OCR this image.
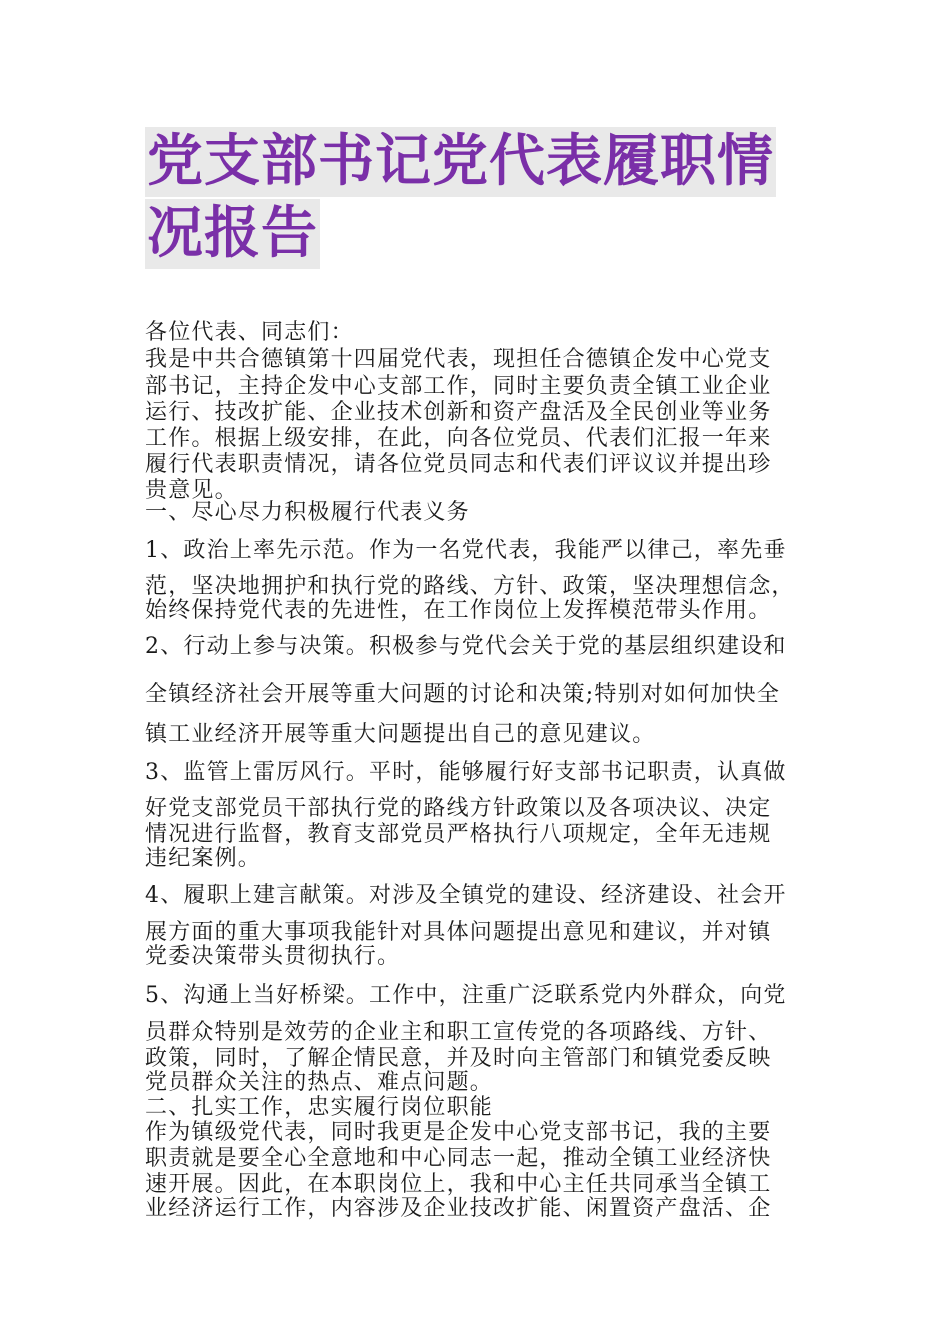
党支部书记党代表履职情
况报告
各位代表、同志们：
我是中共合德镇第十四届党代表，现担任合德镇企发中心党支
部书记，主持企发中心支部工作，同时主要负责全镇工业企业
运行、技改扩能、企业技术创新和资产盘活及全民创业等业务
工作。根据上级安排，在此，向各位党员、代表们汇报一年来
履行代表职责情况，请各位党员同志和代表们评议议并提出珍
贵意见。
一、尽心尽力积极履行代表义务
1、政治上率先示范。作为一名党代表，我能严以律己，率先垂
范，坚决地拥护和执行党的路线、方针、政策，坚决理想信念，
始终保持党代表的先进性，在工作岗位上发挥模范带头作用。
2、行动上参与决策。积极参与党代会关于党的基层组织建设和
全镇经济社会开展等重大问题的讨论和决策;特别对如何加快全
镇工业经济开展等重大问题提出自己的意见建议。
3、监管上雷厉风行。平时，能够履行好支部书记职责，认真做
好党支部党员干部执行党的路线方针政策以及各项决议、决定
情况进行监督，教育支部党员严格执行八项规定，全年无违规
违纪案例。
4、履职上建言献策。对涉及全镇党的建设、经济建设、社会开
展方面的重大事项我能针对具体问题提出意见和建议，并对镇
党委决策带头贯彻执行。
5、沟通上当好桥梁。工作中，注重广泛联系党内外群众，向党
员群众特别是效劳的企业主和职工宣传党的各项路线、方针、
政策，同时，了解企情民意，并及时向主管部门和镇党委反映
党员群众关注的热点、难点问题。
二、扎实工作，忠实履行岗位职能
作为镇级党代表，同时我更是企发中心党支部书记，我的主要
职责就是要全心全意地和中心同志一起，推动全镇工业经济快
速开展。因此，在本职岗位上，我和中心主任共同承当全镇工
业经济运行工作，内容涉及企业技改扩能、闲置资产盘活、企
